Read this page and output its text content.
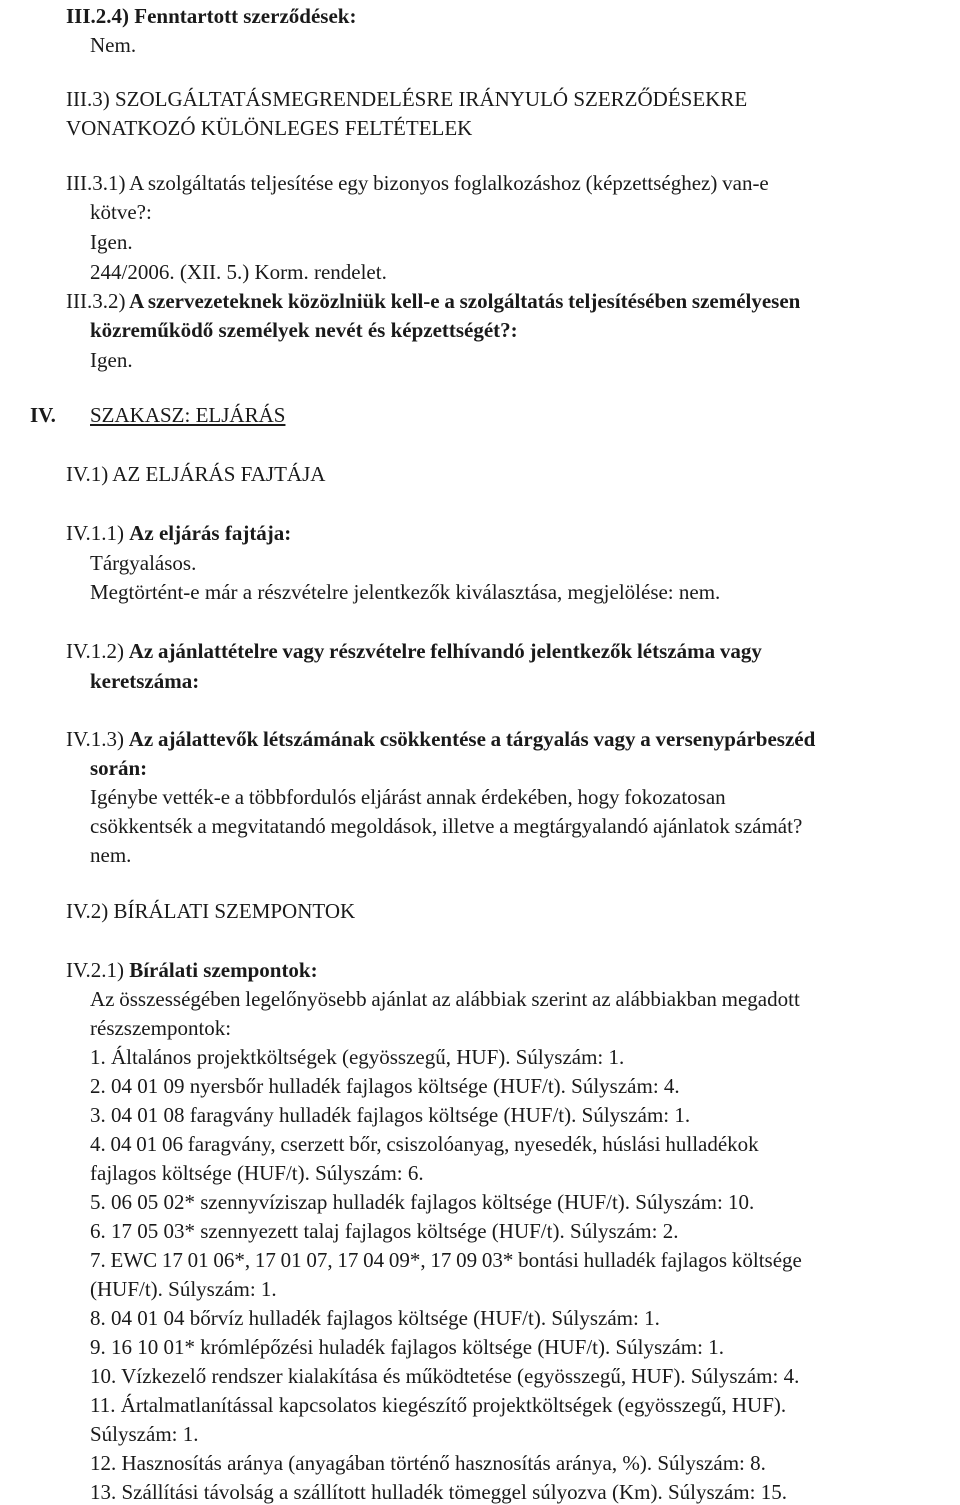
III.2.4) Fenntartott szerződések:
Nem.
III.3) SZOLGÁLTATÁSMEGRENDELÉSRE IRÁNYULÓ SZERZŐDÉSEKRE
VONATKOZÓ KÜLÖNLEGES FELTÉTELEK
III.3.1) A szolgáltatás teljesítése egy bizonyos foglalkozáshoz (képzettséghez) van-e
kötve?:
Igen.
244/2006. (XII. 5.) Korm. rendelet.
III.3.2) A szervezeteknek közözlniük kell-e a szolgáltatás teljesítésében személyesen
közreműködő személyek nevét és képzettségét?:
Igen.
IV. SZAKASZ: ELJÁRÁS
IV.1) AZ ELJÁRÁS FAJTÁJA
IV.1.1) Az eljárás fajtája:
Tárgyalásos.
Megtörtént-e már a részvételre jelentkezők kiválasztása, megjelölése: nem.
IV.1.2) Az ajánlattételre vagy részvételre felhívandó jelentkezők létszáma vagy
keretszáma:
IV.1.3) Az ajálattevők létszámának csökkentése a tárgyalás vagy a versenypárbeszéd
során:
Igénybe vették-e a többfordulós eljárást annak érdekében, hogy fokozatosan
csökkentsék a megvitatandó megoldások, illetve a megtárgyalandó ajánlatok számát?
nem.
IV.2) BÍRÁLATI SZEMPONTOK
IV.2.1) Bírálati szempontok:
Az összességében legelőnyösebb ajánlat az alábbiak szerint az alábbiakban megadott
részszempontok:
1. Általános projektköltségek (egyösszegű, HUF). Súlyszám: 1.
2. 04 01 09 nyersbőr hulladék fajlagos költsége (HUF/t). Súlyszám: 4.
3. 04 01 08 faragvány hulladék fajlagos költsége (HUF/t). Súlyszám: 1.
4. 04 01 06 faragvány, cserzett bőr, csiszolóanyag, nyesedék, húslási hulladékok
fajlagos költsége (HUF/t). Súlyszám: 6.
5. 06 05 02* szennyvíziszap hulladék fajlagos költsége (HUF/t). Súlyszám: 10.
6. 17 05 03* szennyezett talaj fajlagos költsége (HUF/t). Súlyszám: 2.
7. EWC 17 01 06*, 17 01 07, 17 04 09*, 17 09 03* bontási hulladék fajlagos költsége
(HUF/t). Súlyszám: 1.
8. 04 01 04 bőrvíz hulladék fajlagos költsége (HUF/t). Súlyszám: 1.
9. 16 10 01* krómlépőzési huladék fajlagos költsége (HUF/t). Súlyszám: 1.
10. Vízkezelő rendszer kialakítása és működtetése (egyösszegű, HUF). Súlyszám: 4.
11. Ártalmatlanítással kapcsolatos kiegészítő projektköltségek (egyösszegű, HUF).
Súlyszám: 1.
12. Hasznosítás aránya (anyagában történő hasznosítás aránya, %). Súlyszám: 8.
13. Szállítási távolság a szállított hulladék tömeggel súlyozva (Km). Súlyszám: 15.
